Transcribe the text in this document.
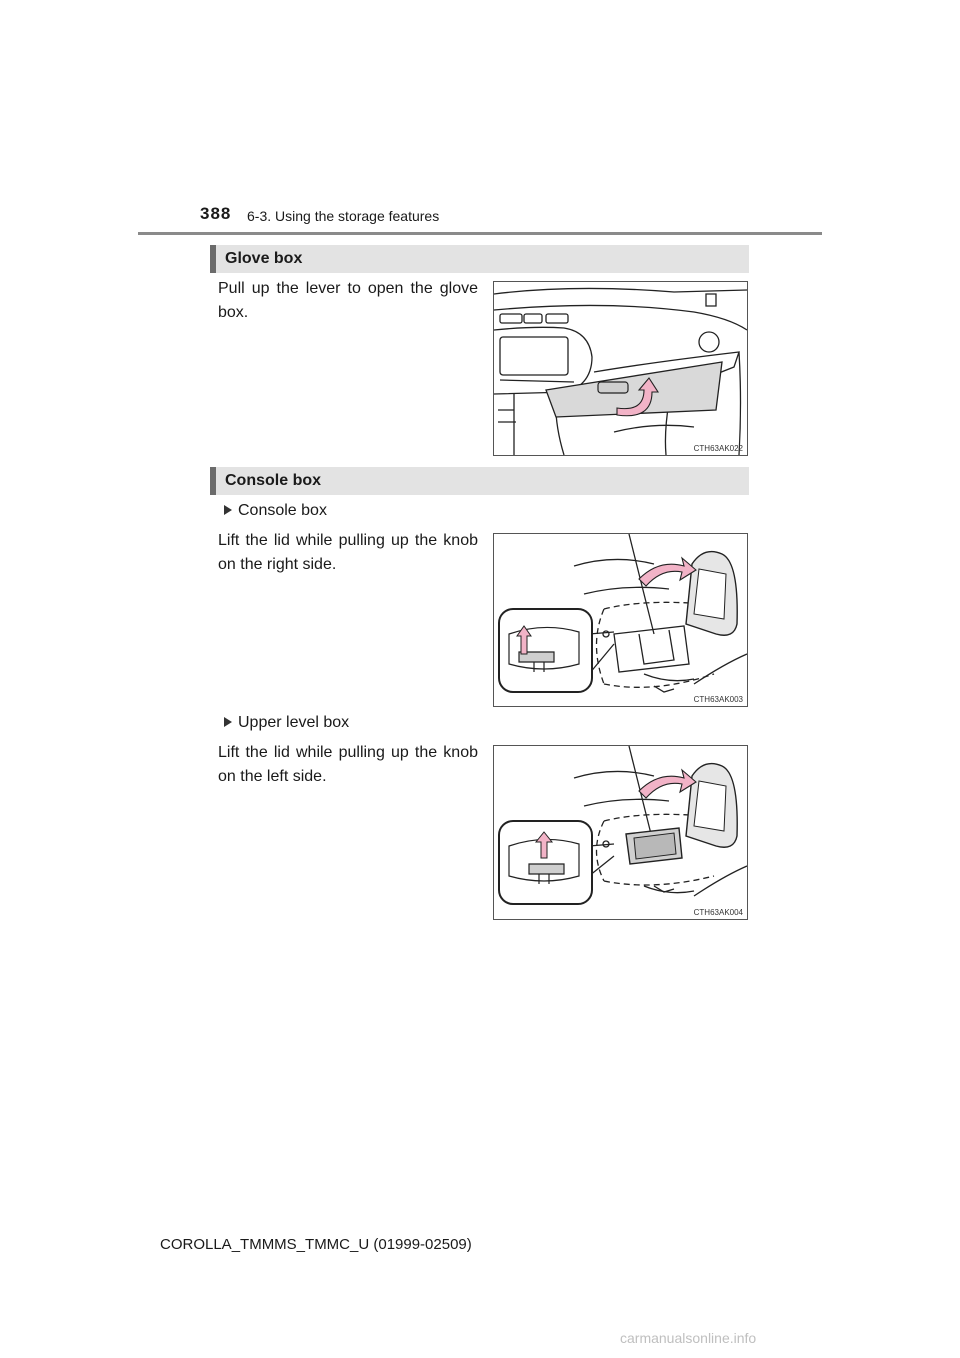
388 6-3. Using the storage features
Glove box
Pull up the lever to open the glove box.
CTH63AK022
Console box
Console box
Lift the lid while pulling up the knob on the right side.
CTH63AK003
Upper level box
Lift the lid while pulling up the knob on the left side.
CTH63AK004
COROLLA_TMMMS_TMMC_U (01999-02509)
carmanualsonline.info
